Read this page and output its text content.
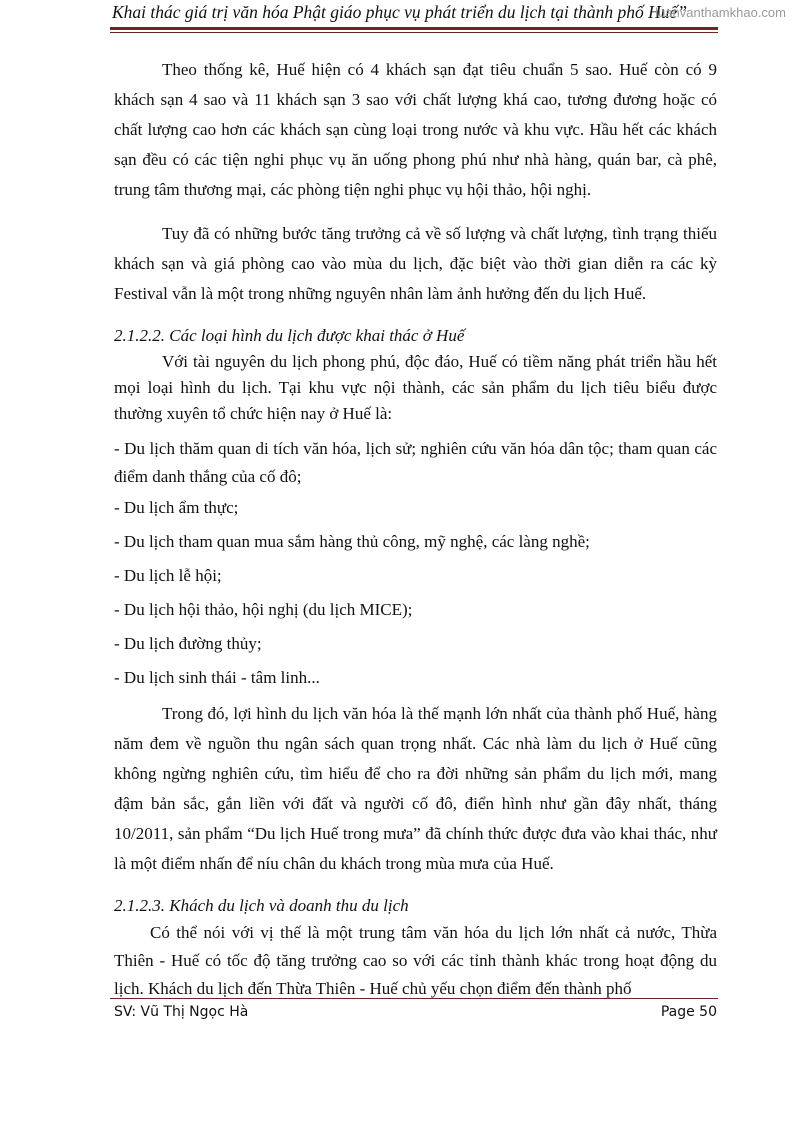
Khai thác giá trị văn hóa Phật giáo phục vụ phát triển du lịch tại thành phố Huế”
luanvanthamkhao.com

Theo thống kê, Huế hiện có 4 khách sạn đạt tiêu chuẩn 5 sao. Huế còn có 9 khách sạn 4 sao và 11 khách sạn 3 sao với chất lượng khá cao, tương đương hoặc có chất lượng cao hơn các khách sạn cùng loại trong nước và khu vực. Hầu hết các khách sạn đều có các tiện nghi phục vụ ăn uống phong phú như nhà hàng, quán bar, cà phê, trung tâm thương mại, các phòng tiện nghi phục vụ hội thảo, hội nghị.

Tuy đã có những bước tăng trưởng cả về số lượng và chất lượng, tình trạng thiếu khách sạn và giá phòng cao vào mùa du lịch, đặc biệt vào thời gian diễn ra các kỳ Festival vẫn là một trong những nguyên nhân làm ảnh hưởng đến du lịch Huế.

2.1.2.2. Các loại hình du lịch được khai thác ở Huế

Với tài nguyên du lịch phong phú, độc đáo, Huế có tiềm năng phát triển hầu hết mọi loại hình du lịch. Tại khu vực nội thành, các sản phẩm du lịch tiêu biểu được thường xuyên tổ chức hiện nay ở Huế là:

- Du lịch thăm quan di tích văn hóa, lịch sử; nghiên cứu văn hóa dân tộc; tham quan các điểm danh thắng của cố đô;

- Du lịch ẩm thực;

- Du lịch tham quan mua sắm hàng thủ công, mỹ nghệ, các làng nghề;

- Du lịch lễ hội;

- Du lịch hội thảo, hội nghị (du lịch MICE);

- Du lịch đường thủy;

- Du lịch sinh thái - tâm linh...

Trong đó, lợi hình du lịch văn hóa là thế mạnh lớn nhất của thành phố Huế, hàng năm đem về nguồn thu ngân sách quan trọng nhất. Các nhà làm du lịch ở Huế cũng không ngừng nghiên cứu, tìm hiểu để cho ra đời những sản phẩm du lịch mới, mang đậm bản sắc, gắn liền với đất và người cố đô, điển hình như gần đây nhất, tháng 10/2011, sản phẩm “Du lịch Huế trong mưa” đã chính thức được đưa vào khai thác, như là một điểm nhấn để níu chân du khách trong mùa mưa của Huế.

2.1.2.3. Khách du lịch và doanh thu du lịch

Có thể nói với vị thế là một trung tâm văn hóa du lịch lớn nhất cả nước, Thừa Thiên - Huế có tốc độ tăng trưởng cao so với các tỉnh thành khác trong hoạt động du lịch. Khách du lịch đến Thừa Thiên - Huế chủ yếu chọn điểm đến thành phố

SV: Vũ Thị Ngọc Hà	Page 50
